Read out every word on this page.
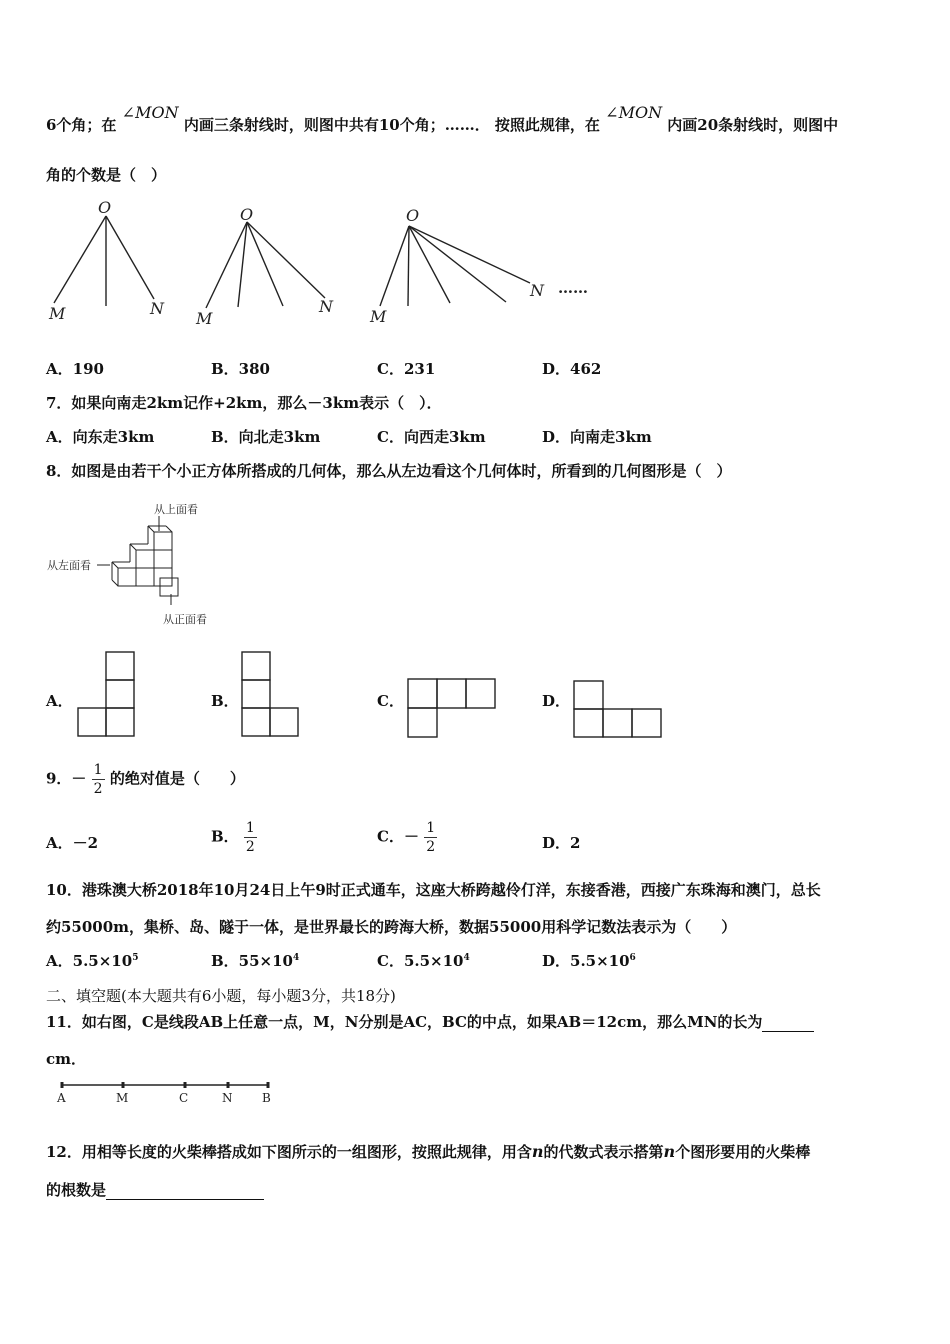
6个角；在 ∠MON 内画三条射线时，则图中共有10个角；……． 按照此规律，在 ∠MON 内画20条射线时，则图中
角的个数是（　）
O
M	N
O
M
N
O
M
N ……
A．190	B．380	C．231	D．462
7．如果向南走2km记作+2km，那么－3km表示（　）．
A．向东走3km	B．向北走3km	C．向西走3km	D．向南走3km
8．如图是由若干个小正方体所搭成的几何体，那么从左边看这个几何体时，所看到的几何图形是（　）
从上面看
从左面看
从正面看
A．	B．	C．	D．
9．－ $\frac{1}{2}$ 的绝对值是（　　）
A．－2	B． $\frac{1}{2}$	C．－ $\frac{1}{2}$	D．2
10．港珠澳大桥2018年10月24日上午9时正式通车，这座大桥跨越伶仃洋，东接香港，西接广东珠海和澳门，总长
约55000m，集桥、岛、隧于一体，是世界最长的跨海大桥，数据55000用科学记数法表示为（　　）
A．$5.5\times 10^5$	B．$55\times 10^4$	C．$5.5\times 10^4$	D．$5.5\times 10^6$
二、填空题(本大题共有6小题，每小题3分，共18分)
11．如右图，C是线段AB上任意一点，M，N分别是AC，BC的中点，如果AB＝12cm，那么MN的长为
cm．
A	M	C	N B
12．用相等长度的火柴棒搭成如下图所示的一组图形，按照此规律，用含n的代数式表示搭第n个图形要用的火柴棒
的根数是
